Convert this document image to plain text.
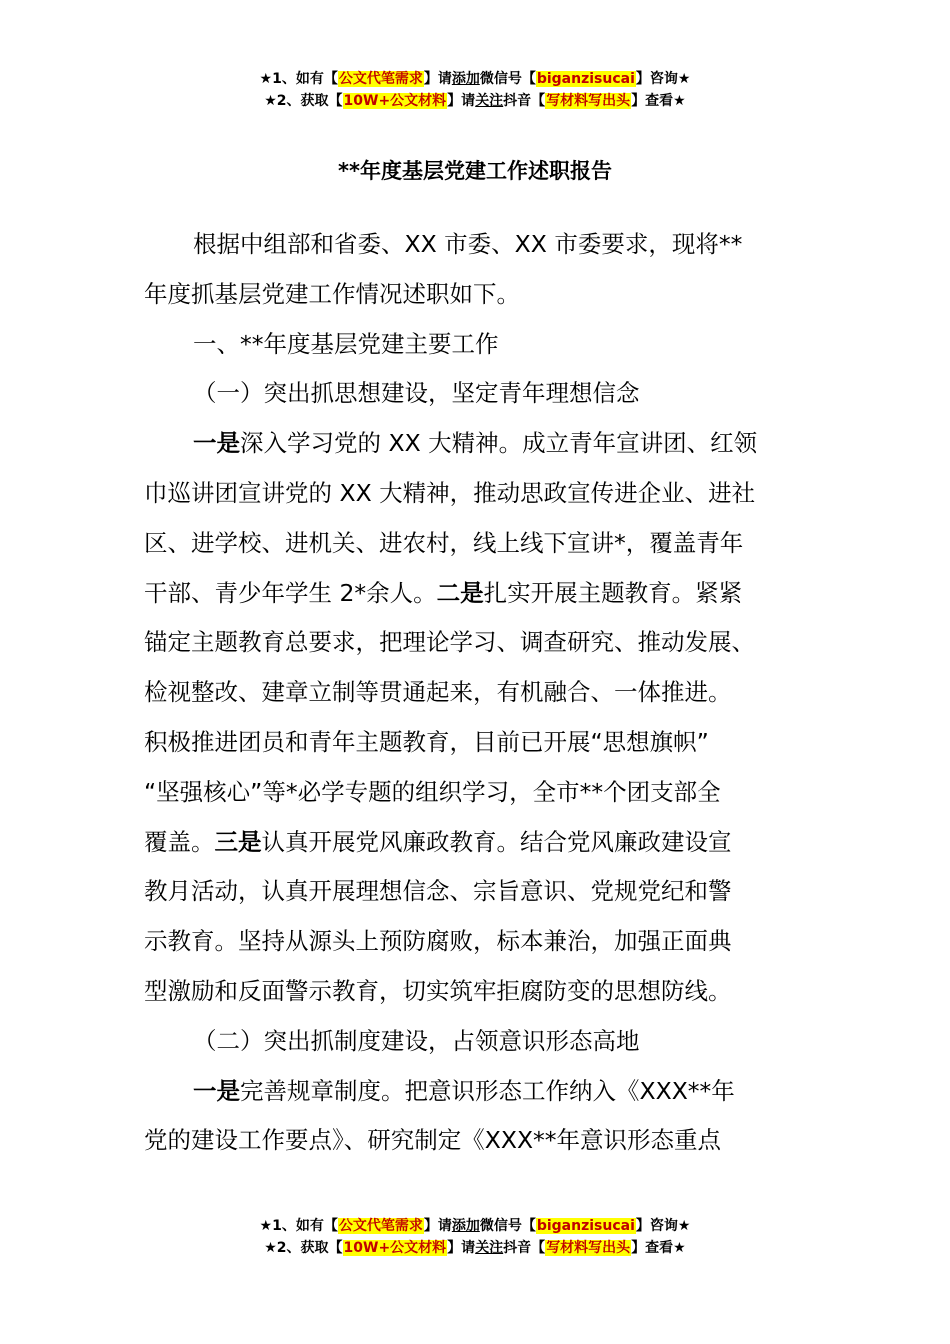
★1、如有【公文代笔需求】请添加微信号【biganzisucai】咨询★
★2、获取【10W+公文材料】请关注抖音【写材料写出头】查看★
**年度基层党建工作述职报告
根据中组部和省委、XX 市委、XX 市委要求，现将**
年度抓基层党建工作情况述职如下。
一、**年度基层党建主要工作
（一）突出抓思想建设，坚定青年理想信念
一是深入学习党的 XX 大精神。成立青年宣讲团、红领
巾巡讲团宣讲党的 XX 大精神，推动思政宣传进企业、进社
区、进学校、进机关、进农村，线上线下宣讲*，覆盖青年
干部、青少年学生 2*余人。二是扎实开展主题教育。紧紧
锚定主题教育总要求，把理论学习、调查研究、推动发展、
检视整改、建章立制等贯通起来，有机融合、一体推进。
积极推进团员和青年主题教育，目前已开展“思想旗帜”
“坚强核心”等*必学专题的组织学习，全市**个团支部全
覆盖。三是认真开展党风廉政教育。结合党风廉政建设宣
教月活动，认真开展理想信念、宗旨意识、党规党纪和警
示教育。坚持从源头上预防腐败，标本兼治，加强正面典
型激励和反面警示教育，切实筑牢拒腐防变的思想防线。
（二）突出抓制度建设，占领意识形态高地
一是完善规章制度。把意识形态工作纳入《XXX**年
党的建设工作要点》、研究制定《XXX**年意识形态重点
★1、如有【公文代笔需求】请添加微信号【biganzisucai】咨询★
★2、获取【10W+公文材料】请关注抖音【写材料写出头】查看★
